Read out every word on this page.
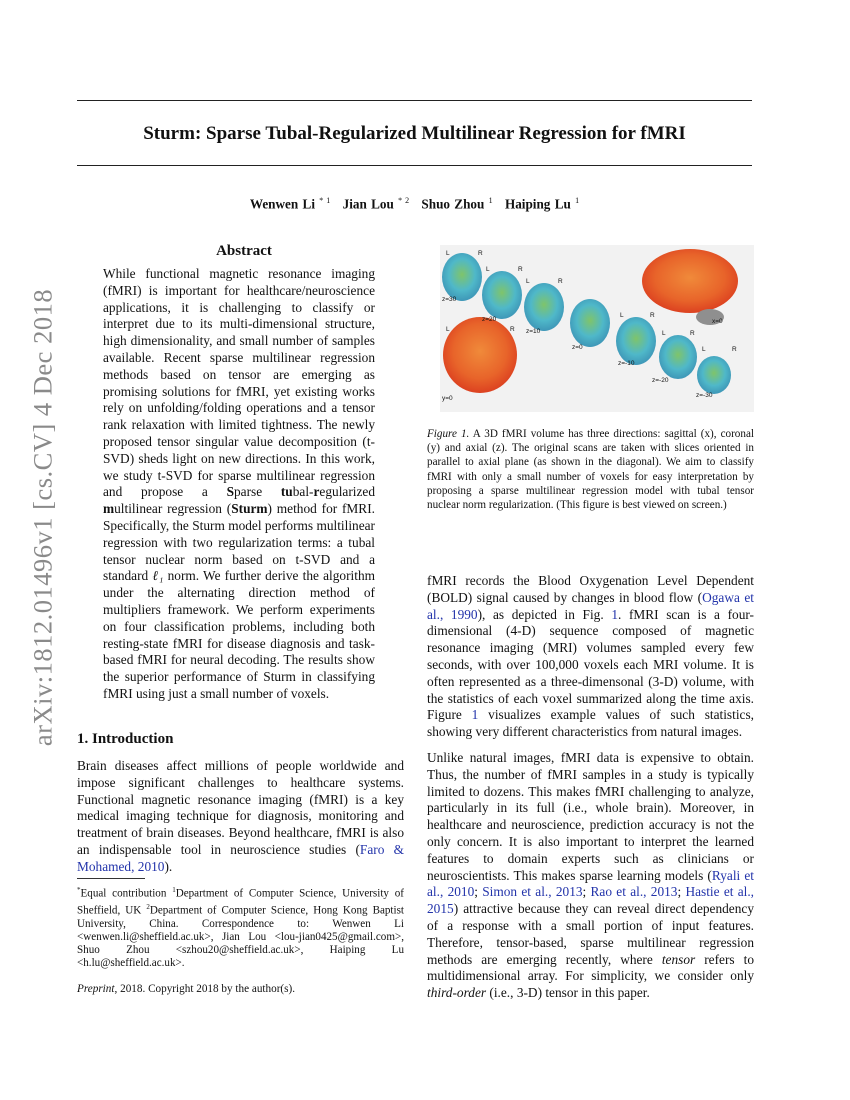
Sturm: Sparse Tubal-Regularized Multilinear Regression for fMRI
Wenwen Li $^{* 1}$ Jian Lou $^{* 2}$ Shuo Zhou $^1$ Haiping Lu $^1$
arXiv:1812.01496v1 [cs.CV] 4 Dec 2018
Abstract
While functional magnetic resonance imaging (fMRI) is important for healthcare/neuroscience applications, it is challenging to classify or interpret due to its multi-dimensional structure, high dimensionality, and small number of samples available. Recent sparse multilinear regression methods based on tensor are emerging as promising solutions for fMRI, yet existing works rely on unfolding/folding operations and a tensor rank relaxation with limited tightness. The newly proposed tensor singular value decomposition (t-SVD) sheds light on new directions. In this work, we study t-SVD for sparse multilinear regression and propose a Sparse tubal-regularized multilinear regression (Sturm) method for fMRI. Specifically, the Sturm model performs multilinear regression with two regularization terms: a tubal tensor nuclear norm based on t-SVD and a standard ℓ₁ norm. We further derive the algorithm under the alternating direction method of multipliers framework. We perform experiments on four classification problems, including both resting-state fMRI for disease diagnosis and task-based fMRI for neural decoding. The results show the superior performance of Sturm in classifying fMRI using just a small number of voxels.
1. Introduction
Brain diseases affect millions of people worldwide and impose significant challenges to healthcare systems. Functional magnetic resonance imaging (fMRI) is a key medical imaging technique for diagnosis, monitoring and treatment of brain diseases. Beyond healthcare, fMRI is also an indispensable tool in neuroscience studies (Faro & Mohamed, 2010).
*Equal contribution $^1$Department of Computer Science, University of Sheffield, UK $^2$Department of Computer Science, Hong Kong Baptist University, China. Correspondence to: Wenwen Li <wenwen.li@sheffield.ac.uk>, Jian Lou <lou-jian0425@gmail.com>, Shuo Zhou <szhou20@sheffield.ac.uk>, Haiping Lu <h.lu@sheffield.ac.uk>.
Preprint, 2018. Copyright 2018 by the author(s).
L	R
z=30
L	R
z=20
L	R
z=10
z=0
L	R
z=-10
L	R
z=-20
L	R
z=-30
x=0
L	R
y=0
Figure 1. A 3D fMRI volume has three directions: sagittal (x), coronal (y) and axial (z). The original scans are taken with slices oriented in parallel to axial plane (as shown in the diagonal). We aim to classify fMRI with only a small number of voxels for easy interpretation by proposing a sparse multilinear regression model with tubal tensor nuclear norm regularization. (This figure is best viewed on screen.)
fMRI records the Blood Oxygenation Level Dependent (BOLD) signal caused by changes in blood flow (Ogawa et al., 1990), as depicted in Fig. 1. fMRI scan is a four-dimensional (4-D) sequence composed of magnetic resonance imaging (MRI) volumes sampled every few seconds, with over 100,000 voxels each MRI volume. It is often represented as a three-dimensonal (3-D) volume, with the statistics of each voxel summarized along the time axis. Figure 1 visualizes example values of such statistics, showing very different characteristics from natural images.
Unlike natural images, fMRI data is expensive to obtain. Thus, the number of fMRI samples in a study is typically limited to dozens. This makes fMRI challenging to analyze, particularly in its full (i.e., whole brain). Moreover, in healthcare and neuroscience, prediction accuracy is not the only concern. It is also important to interpret the learned features to domain experts such as clinicians or neuroscientists. This makes sparse learning models (Ryali et al., 2010; Simon et al., 2013; Rao et al., 2013; Hastie et al., 2015) attractive because they can reveal direct dependency of a response with a small portion of input features. Therefore, tensor-based, sparse multilinear regression methods are emerging recently, where tensor refers to multidimensional array. For simplicity, we consider only third-order (i.e., 3-D) tensor in this paper.
